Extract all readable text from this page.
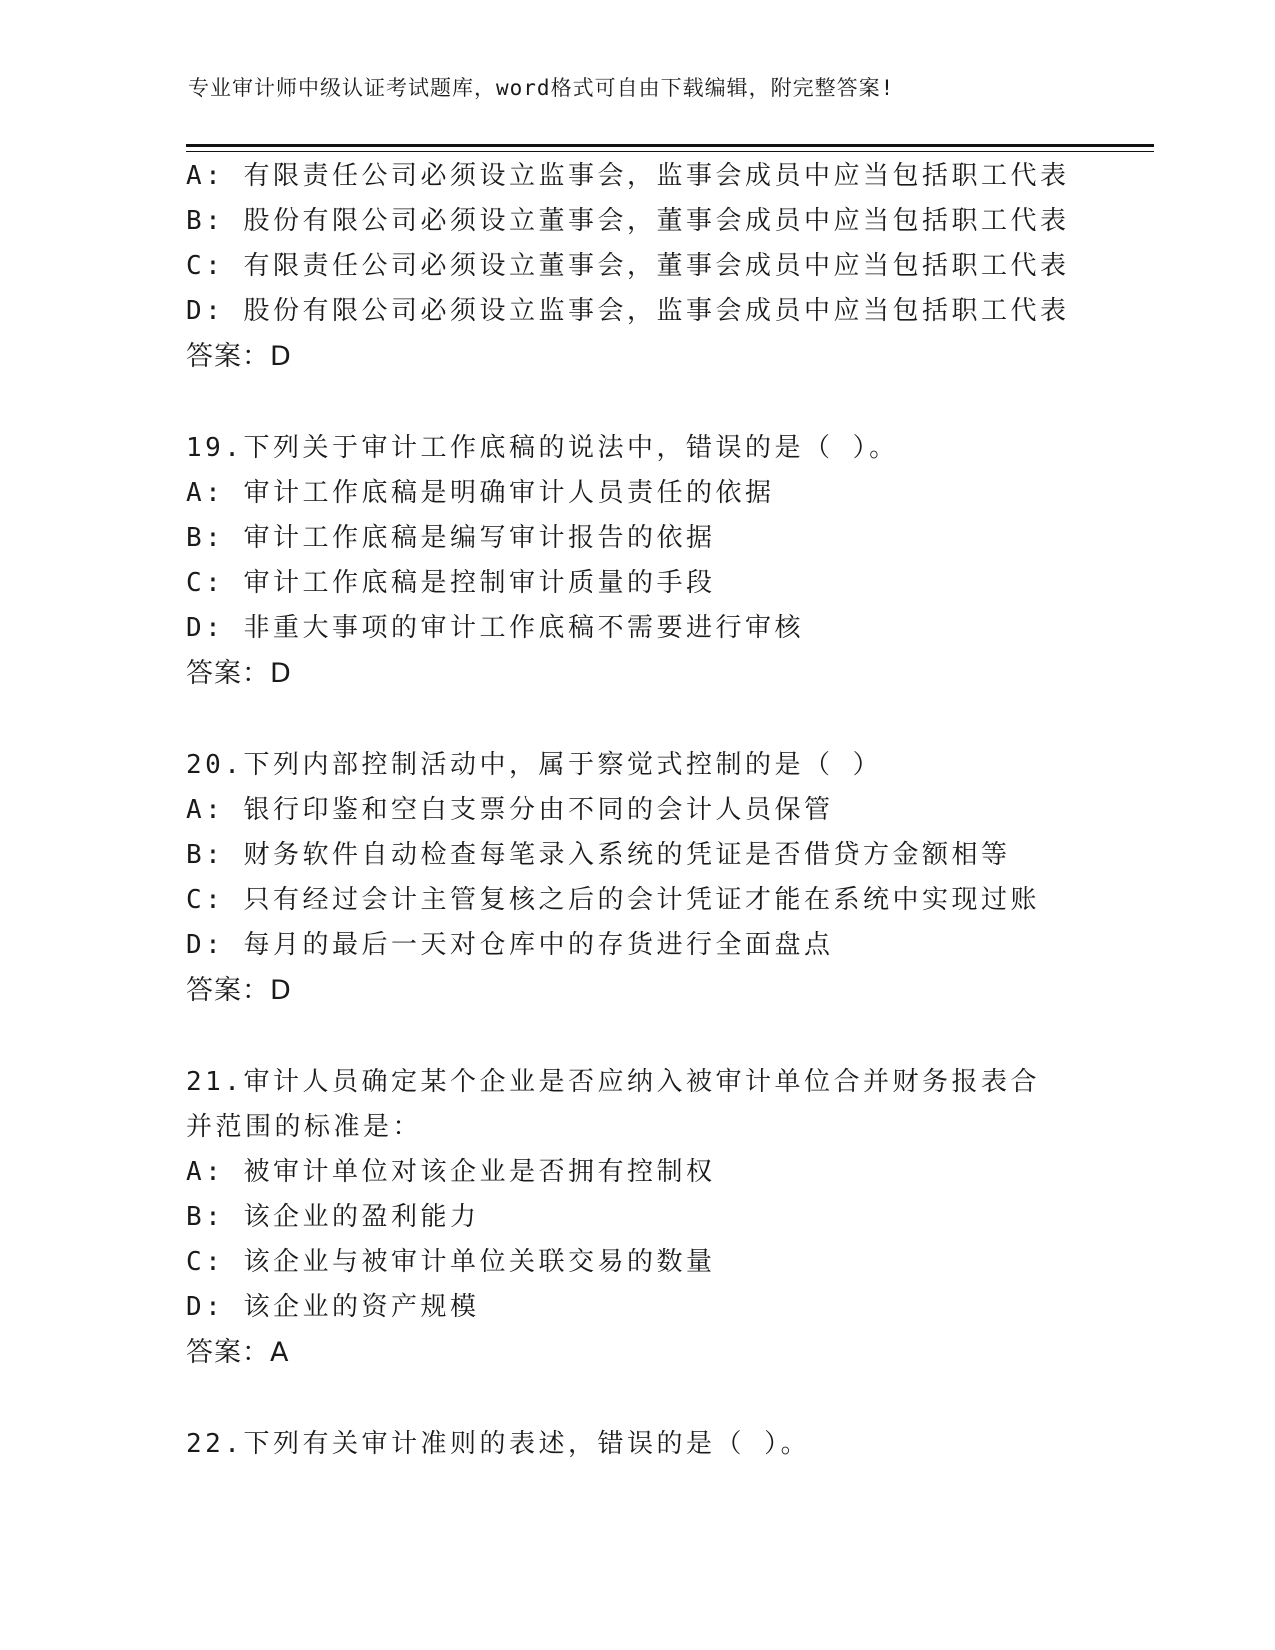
专业审计师中级认证考试题库，word格式可自由下载编辑，附完整答案!
A: 有限责任公司必须设立监事会，监事会成员中应当包括职工代表
B: 股份有限公司必须设立董事会，董事会成员中应当包括职工代表
C: 有限责任公司必须设立董事会，董事会成员中应当包括职工代表
D: 股份有限公司必须设立监事会，监事会成员中应当包括职工代表
答案：D
19.下列关于审计工作底稿的说法中，错误的是（ ）。
A: 审计工作底稿是明确审计人员责任的依据
B: 审计工作底稿是编写审计报告的依据
C: 审计工作底稿是控制审计质量的手段
D: 非重大事项的审计工作底稿不需要进行审核
答案：D
20.下列内部控制活动中，属于察觉式控制的是（ ）
A: 银行印鉴和空白支票分由不同的会计人员保管
B: 财务软件自动检查每笔录入系统的凭证是否借贷方金额相等
C: 只有经过会计主管复核之后的会计凭证才能在系统中实现过账
D: 每月的最后一天对仓库中的存货进行全面盘点
答案：D
21.审计人员确定某个企业是否应纳入被审计单位合并财务报表合并范围的标准是：
A: 被审计单位对该企业是否拥有控制权
B: 该企业的盈利能力
C: 该企业与被审计单位关联交易的数量
D: 该企业的资产规模
答案：A
22.下列有关审计准则的表述，错误的是（ ）。
